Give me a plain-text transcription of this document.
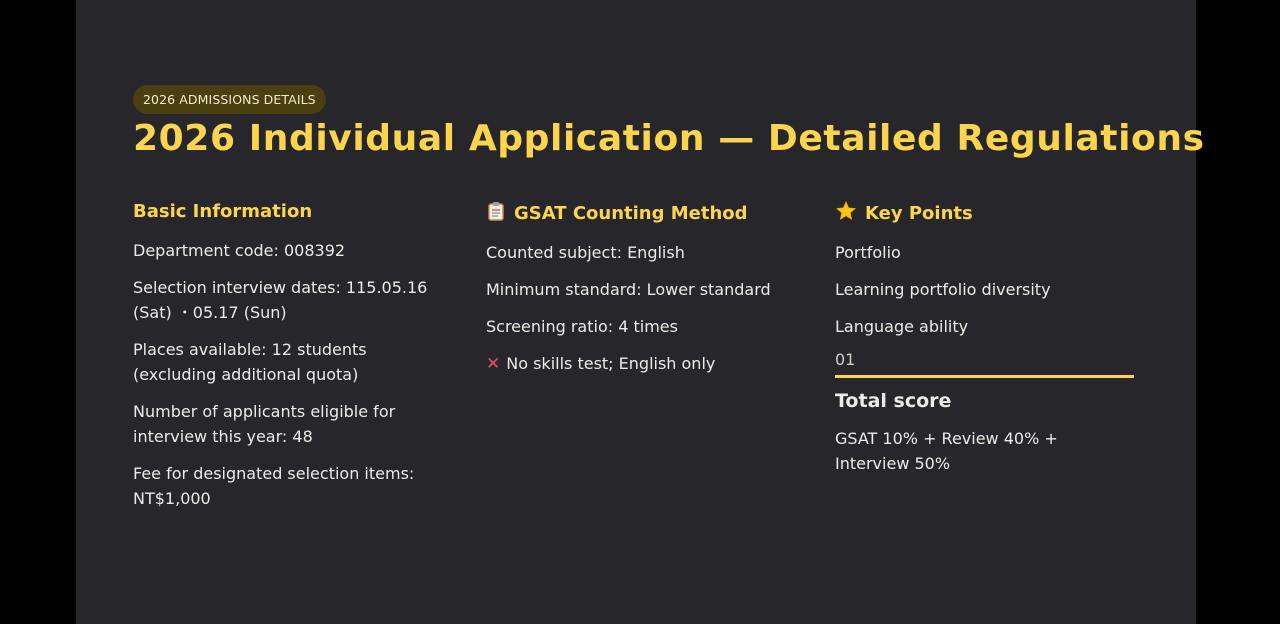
2026 ADMISSIONS DETAILS
2026 Individual Application — Detailed Regulations
Basic Information
Department code: 008392
Selection interview dates: 115.05.16 (Sat) ・05.17 (Sun)
Places available: 12 students (excluding additional quota)
Number of applicants eligible for interview this year: 48
Fee for designated selection items: NT$1,000
GSAT Counting Method
Counted subject: English
Minimum standard: Lower standard
Screening ratio: 4 times
✕ No skills test; English only
Key Points
Portfolio
Learning portfolio diversity
Language ability
01
Total score
GSAT 10% + Review 40% + Interview 50%
